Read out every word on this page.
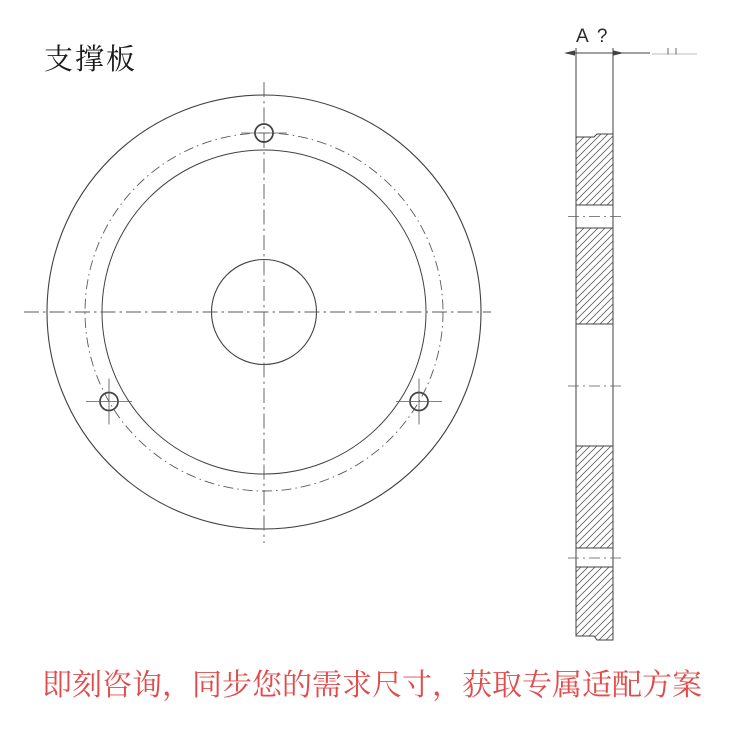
支撑板
A ?
即刻咨询，同步您的需求尺寸，获取专属适配方案
